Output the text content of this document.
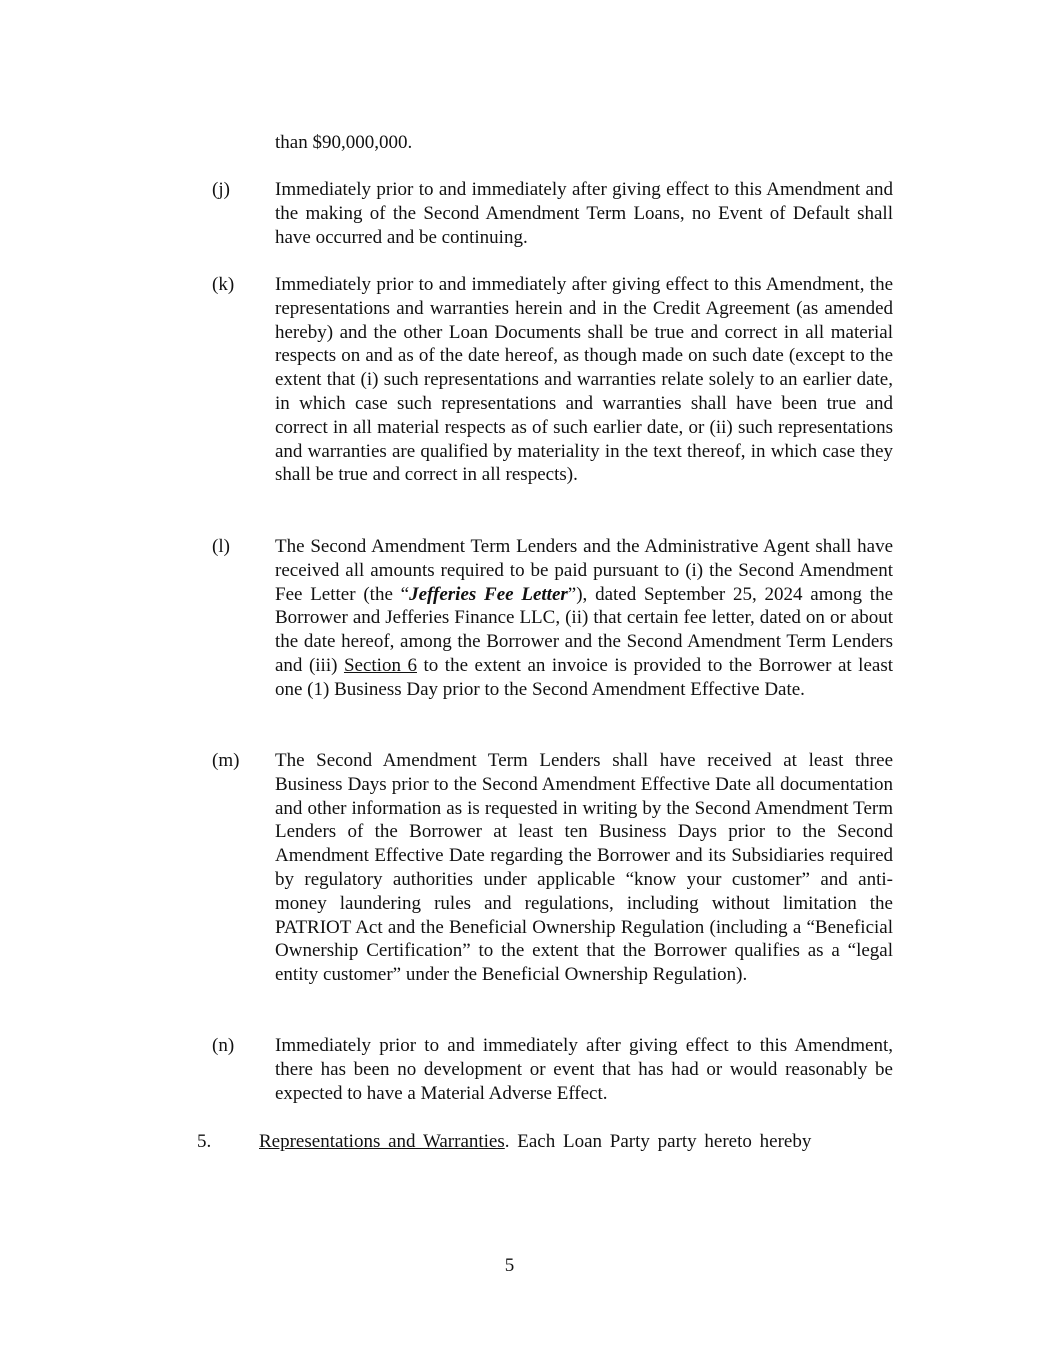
than $90,000,000.
(j) Immediately prior to and immediately after giving effect to this Amendment and the making of the Second Amendment Term Loans, no Event of Default shall have occurred and be continuing.
(k) Immediately prior to and immediately after giving effect to this Amendment, the representations and warranties herein and in the Credit Agreement (as amended hereby) and the other Loan Documents shall be true and correct in all material respects on and as of the date hereof, as though made on such date (except to the extent that (i) such representations and warranties relate solely to an earlier date, in which case such representations and warranties shall have been true and correct in all material respects as of such earlier date, or (ii) such representations and warranties are qualified by materiality in the text thereof, in which case they shall be true and correct in all respects).
(l) The Second Amendment Term Lenders and the Administrative Agent shall have received all amounts required to be paid pursuant to (i) the Second Amendment Fee Letter (the “Jefferies Fee Letter”), dated September 25, 2024 among the Borrower and Jefferies Finance LLC, (ii) that certain fee letter, dated on or about the date hereof, among the Borrower and the Second Amendment Term Lenders and (iii) Section 6 to the extent an invoice is provided to the Borrower at least one (1) Business Day prior to the Second Amendment Effective Date.
(m) The Second Amendment Term Lenders shall have received at least three Business Days prior to the Second Amendment Effective Date all documentation and other information as is requested in writing by the Second Amendment Term Lenders of the Borrower at least ten Business Days prior to the Second Amendment Effective Date regarding the Borrower and its Subsidiaries required by regulatory authorities under applicable “know your customer” and anti-money laundering rules and regulations, including without limitation the PATRIOT Act and the Beneficial Ownership Regulation (including a “Beneficial Ownership Certification” to the extent that the Borrower qualifies as a “legal entity customer” under the Beneficial Ownership Regulation).
(n) Immediately prior to and immediately after giving effect to this Amendment, there has been no development or event that has had or would reasonably be expected to have a Material Adverse Effect.
5.	Representations and Warranties. Each Loan Party party hereto hereby
5
